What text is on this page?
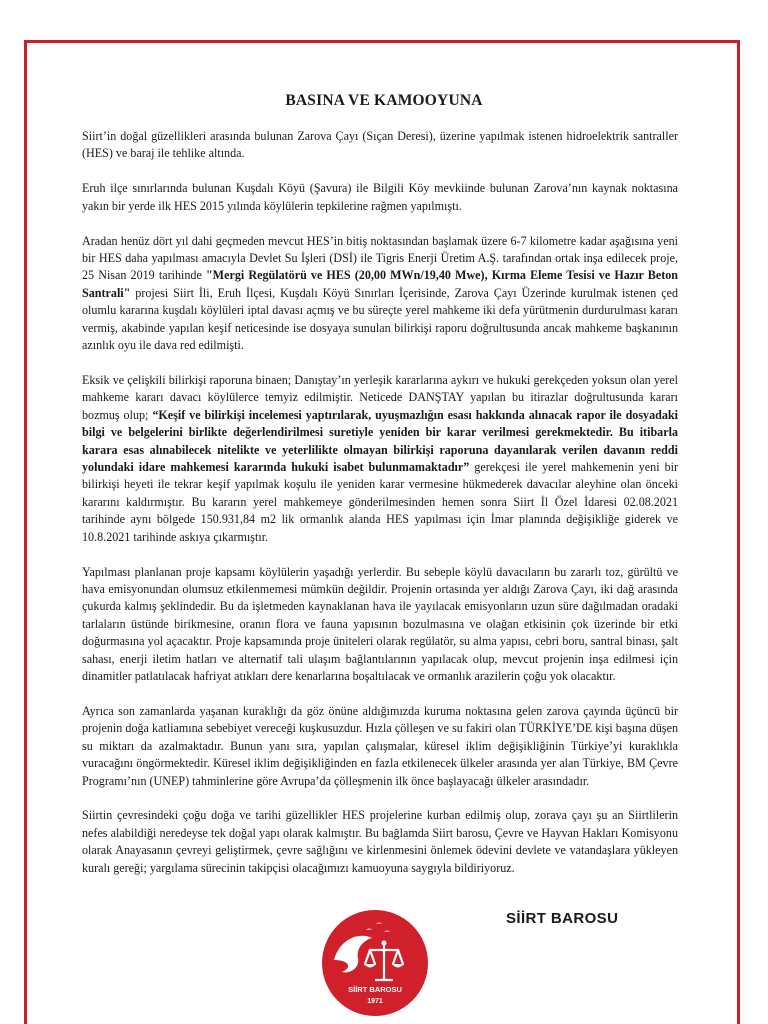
BASINA VE KAMOOYUNA

Siirt’in doğal güzellikleri arasında bulunan Zarova Çayı (Sıçan Deresi), üzerine yapılmak istenen hidroelektrik santraller (HES) ve baraj ile tehlike altında.

Eruh ilçe sınırlarında bulunan Kuşdalı Köyü (Şavura) ile Bilgili Köy mevkiinde bulunan Zarova’nın kaynak noktasına yakın bir yerde ilk HES 2015 yılında köylülerin tepkilerine rağmen yapılmıştı.

Aradan henüz dört yıl dahi geçmeden mevcut HES’in bitiş noktasından başlamak üzere 6-7 kilometre kadar aşağısına yeni bir HES daha yapılması amacıyla Devlet Su İşleri (DSİ) ile Tigris Enerji Üretim A.Ş. tarafından ortak inşa edilecek proje, 25 Nisan 2019 tarihinde "Mergi Regülatörü ve HES (20,00 MWn/19,40 Mwe), Kırma Eleme Tesisi ve Hazır Beton Santrali" projesi Siirt İli, Eruh İlçesi, Kuşdalı Köyü Sınırları İçerisinde, Zarova Çayı Üzerinde kurulmak istenen çed olumlu kararına kuşdalı köylüleri iptal davası açmış ve bu süreçte yerel mahkeme iki defa yürütmenin durdurulması kararı vermiş, akabinde yapılan keşif neticesinde ise dosyaya sunulan bilirkişi raporu doğrultusunda ancak mahkeme başkanının azınlık oyu ile dava red edilmişti.

Eksik ve çelişkili bilirkişi raporuna binaen; Danıştay’ın yerleşik kararlarına aykırı ve hukuki gerekçeden yoksun olan yerel mahkeme kararı davacı köylülerce temyiz edilmiştir. Neticede DANŞTAY yapılan bu itirazlar doğrultusunda kararı bozmuş olup; “Keşif ve bilirkişi incelemesi yaptırılarak, uyuşmazlığın esası hakkında alınacak rapor ile dosyadaki bilgi ve belgelerini birlikte değerlendirilmesi suretiyle yeniden bir karar verilmesi gerekmektedir. Bu itibarla karara esas alınabilecek nitelikte ve yeterlilikte olmayan bilirkişi raporuna dayanılarak verilen davanın reddi yolundaki idare mahkemesi kararında hukuki isabet bulunmamaktadır” gerekçesi ile yerel mahkemenin yeni bir bilirkişi heyeti ile tekrar keşif yapılmak koşulu ile yeniden karar vermesine hükmederek davacılar aleyhine olan önceki kararını kaldırmıştır. Bu kararın yerel mahkemeye gönderilmesinden hemen sonra Siirt İl Özel İdaresi 02.08.2021 tarihinde aynı bölgede 150.931,84 m2 lik ormanlık alanda HES yapılması için İmar planında değişikliğe giderek ve 10.8.2021 tarihinde askıya çıkarmıştır.

Yapılması planlanan proje kapsamı köylülerin yaşadığı yerlerdir. Bu sebeple köylü davacıların bu zararlı toz, gürültü ve hava emisyonundan olumsuz etkilenmemesi mümkün değildir. Projenin ortasında yer aldığı Zarova Çayı, iki dağ arasında çukurda kalmış şeklindedir. Bu da işletmeden kaynaklanan hava ile yayılacak emisyonların uzun süre dağılmadan oradaki tarlaların üstünde birikmesine, oranın flora ve fauna yapısının bozulmasına ve olağan etkisinin çok üzerinde bir etki doğurmasına yol açacaktır. Proje kapsamında proje üniteleri olarak regülatör, su alma yapısı, cebri boru, santral binası, şalt sahası, enerji iletim hatları ve alternatif tali ulaşım bağlantılarının yapılacak olup, mevcut projenin inşa edilmesi için dinamitler patlatılacak hafriyat atıkları dere kenarlarına boşaltılacak ve ormanlık arazilerin çoğu yok olacaktır.

Ayrıca son zamanlarda yaşanan kuraklığı da göz önüne aldığımızda kuruma noktasına gelen zarova çayında üçüncü bir projenin doğa katliamına sebebiyet vereceği kuşkusuzdur. Hızla çölleşen ve su fakiri olan TÜRKİYE’DE kişi başına düşen su miktarı da azalmaktadır. Bunun yanı sıra, yapılan çalışmalar, küresel iklim değişikliğinin Türkiye’yi kuraklıkla vuracağını öngörmektedir. Küresel iklim değişikliğinden en fazla etkilenecek ülkeler arasında yer alan Türkiye, BM Çevre Programı’nın (UNEP) tahminlerine göre Avrupa’da çölleşmenin ilk önce başlayacağı ülkeler arasındadır.

Siirtin çevresindeki çoğu doğa ve tarihi güzellikler HES projelerine kurban edilmiş olup, zorava çayı şu an Siirtlilerin nefes alabildiği neredeyse tek doğal yapı olarak kalmıştır. Bu bağlamda Siirt barosu, Çevre ve Hayvan Hakları Komisyonu olarak Anayasanın çevreyi geliştirmek, çevre sağlığını ve kirlenmesini önlemek ödevini devlete ve vatandaşlara yükleyen kuralı gereği; yargılama sürecinin takipçisi olacağımızı kamuoyuna saygıyla bildiriyoruz.

SİİRT BAROSU
1971
SİİRT BAROSU
